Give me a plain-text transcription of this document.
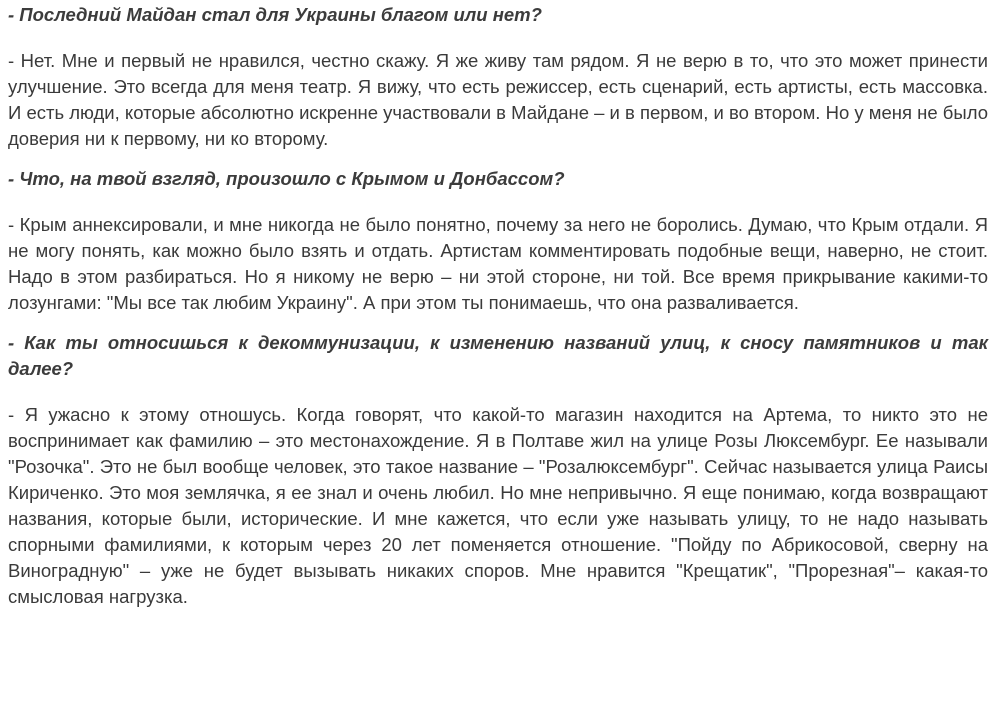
- Последний Майдан стал для Украины благом или нет?

- Нет. Мне и первый не нравился, честно скажу. Я же живу там рядом. Я не верю в то, что это может принести улучшение. Это всегда для меня театр. Я вижу, что есть режиссер, есть сценарий, есть артисты, есть массовка. И есть люди, которые абсолютно искренне участвовали в Майдане – и в первом, и во втором. Но у меня не было доверия ни к первому, ни ко второму.

- Что, на твой взгляд, произошло с Крымом и Донбассом?

- Крым аннексировали, и мне никогда не было понятно, почему за него не боролись. Думаю, что Крым отдали. Я не могу понять, как можно было взять и отдать. Артистам комментировать подобные вещи, наверно, не стоит. Надо в этом разбираться. Но я никому не верю – ни этой стороне, ни той. Все время прикрывание какими-то лозунгами: "Мы все так любим Украину". А при этом ты понимаешь, что она разваливается.

- Как ты относишься к декоммунизации, к изменению названий улиц, к сносу памятников и так далее?

- Я ужасно к этому отношусь. Когда говорят, что какой-то магазин находится на Артема, то никто это не воспринимает как фамилию – это местонахождение. Я в Полтаве жил на улице Розы Люксембург. Ее называли "Розочка". Это не был вообще человек, это такое название – "Розалюксембург". Сейчас называется улица Раисы Кириченко. Это моя землячка, я ее знал и очень любил. Но мне непривычно. Я еще понимаю, когда возвращают названия, которые были, исторические. И мне кажется, что если уже называть улицу, то не надо называть спорными фамилиями, к которым через 20 лет поменяется отношение. "Пойду по Абрикосовой, сверну на Виноградную" – уже не будет вызывать никаких споров. Мне нравится "Крещатик", "Прорезная"– какая-то смысловая нагрузка.
